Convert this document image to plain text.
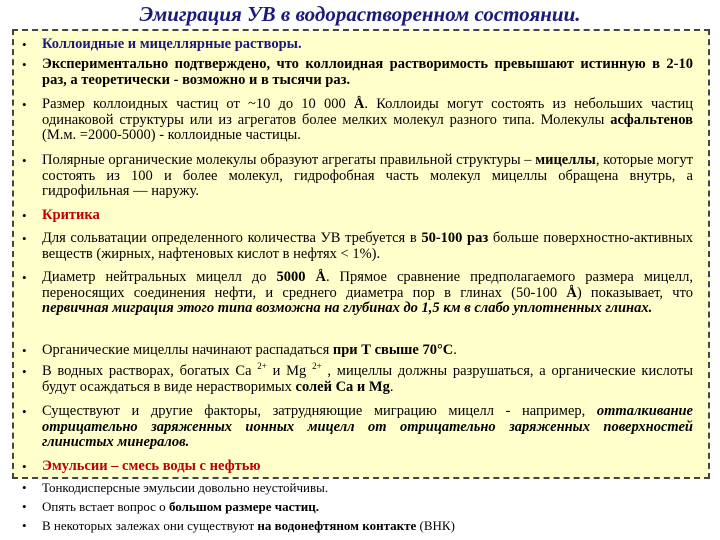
Эмиграция УВ в водорастворенном состоянии.
• Коллоидные и мицеллярные растворы.
• Экспериментально подтверждено, что коллоидная растворимость превышают истинную в 2-10 раз, а теоретически - возможно и в тысячи раз.
• Размер коллоидных частиц от ~10 до 10 000 Å. Коллоиды могут состоять из небольших частиц одинаковой структуры или из агрегатов более мелких молекул разного типа. Молекулы асфальтенов (М.м. =2000-5000) - коллоидные частицы.
• Полярные органические молекулы образуют агрегаты правильной структуры – мицеллы, которые могут состоять из 100 и более молекул, гидрофобная часть молекул мицеллы обращена внутрь, а гидрофильная — наружу.
• Критика
• Для сольватации определенного количества УВ требуется в 50-100 раз больше поверхностно-активных веществ (жирных, нафтеновых кислот в нефтях < 1%).
• Диаметр нейтральных мицелл до 5000 Å. Прямое сравнение предполагаемого размера мицелл, переносящих соединения нефти, и среднего диаметра пор в глинах (50-100 Å) показывает, что первичная миграция этого типа возможна на глубинах до 1,5 км в слабо уплотненных глинах.
• Органические мицеллы начинают распадаться при Т свыше 70°С.
• В водных растворах, богатых Са $^{2+}$ и Mg $^{2+}$ , мицеллы должны разрушаться, а органические кислоты будут осаждаться в виде нерастворимых солей Са и Mg.
• Существуют и другие факторы, затрудняющие миграцию мицелл - например, отталкивание отрицательно заряженных ионных мицелл от отрицательно заряженных поверхностей глинистых минералов.
• Эмульсии – смесь воды с нефтью
• Тонкодисперсные эмульсии довольно неустойчивы.
• Опять встает вопрос о большом размере частиц.
• В некоторых залежах они существуют на водонефтяном контакте (ВНК)
